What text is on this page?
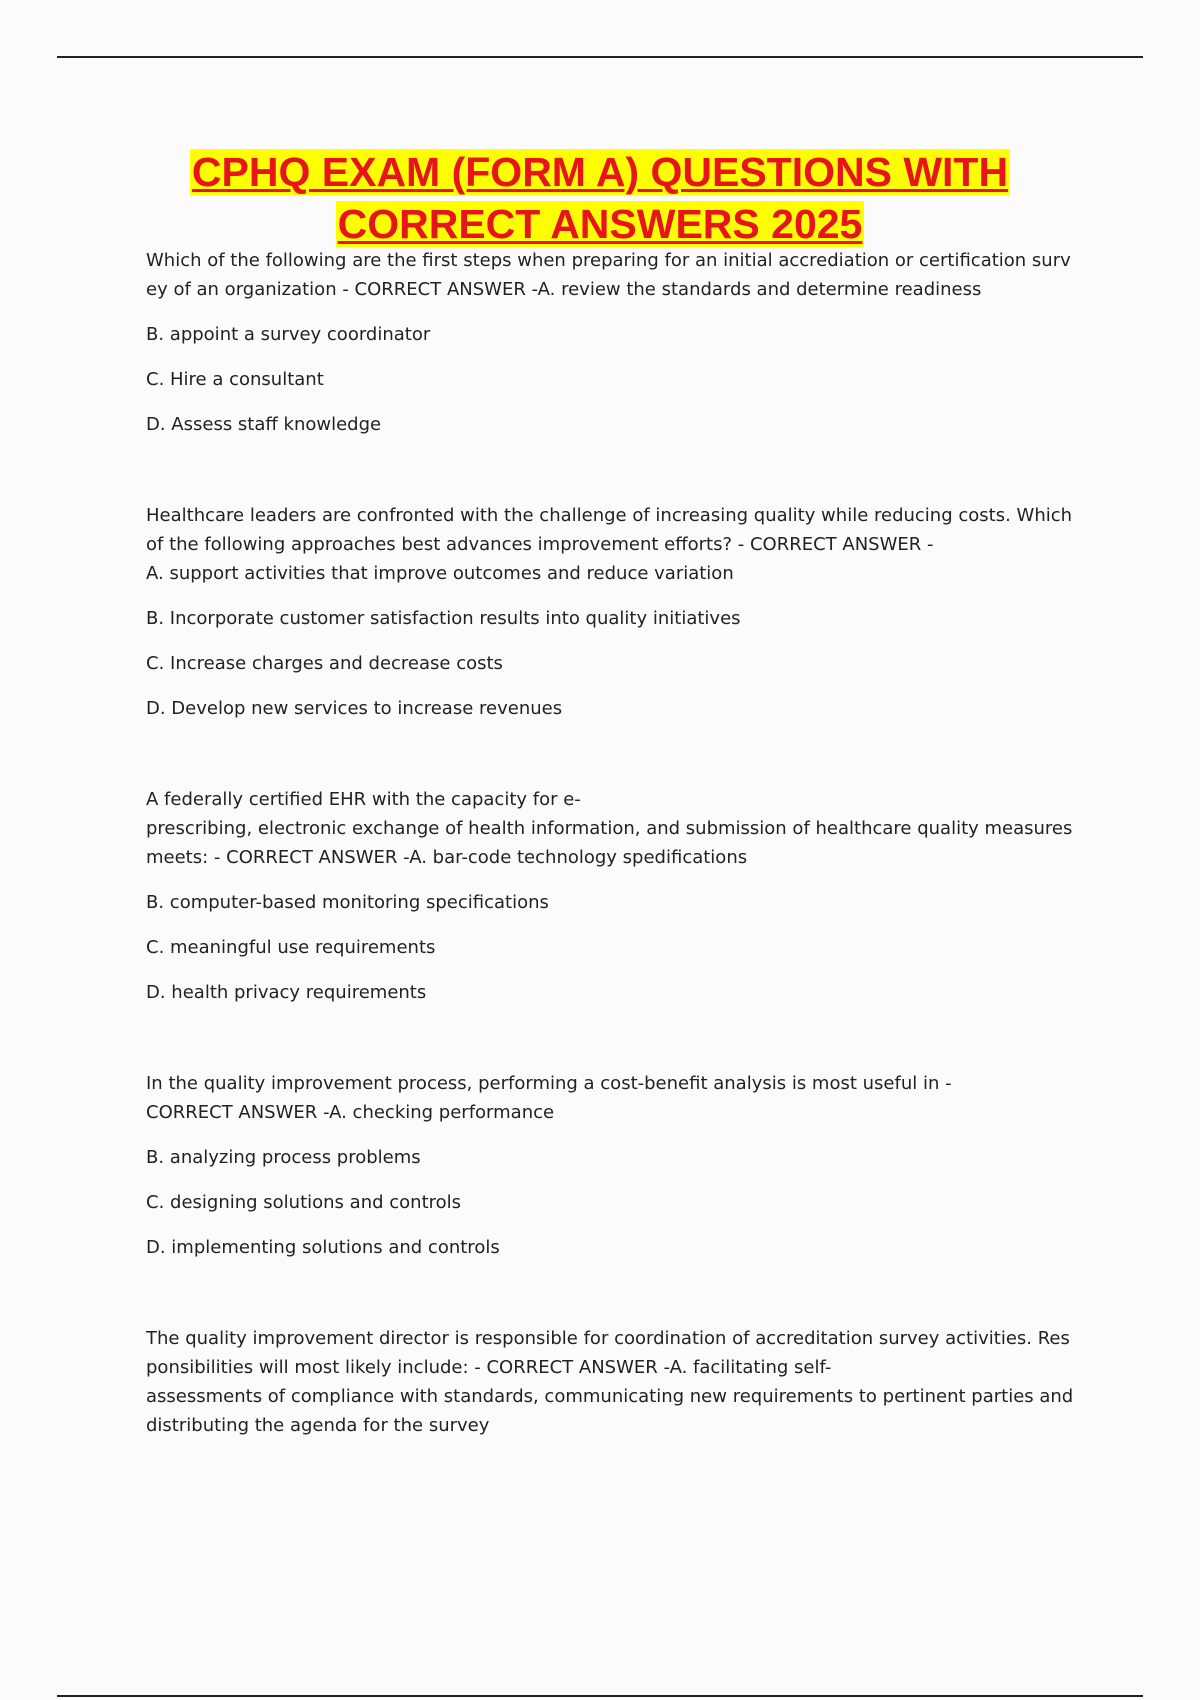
CPHQ EXAM (FORM A) QUESTIONS WITH
CORRECT ANSWERS 2025

Which of the following are the first steps when preparing for an initial accrediation or certification surv
ey of an organization - CORRECT ANSWER -A. review the standards and determine readiness

B. appoint a survey coordinator

C. Hire a consultant

D. Assess staff knowledge

Healthcare leaders are confronted with the challenge of increasing quality while reducing costs. Which
of the following approaches best advances improvement efforts? - CORRECT ANSWER -
A. support activities that improve outcomes and reduce variation

B. Incorporate customer satisfaction results into quality initiatives

C. Increase charges and decrease costs

D. Develop new services to increase revenues

A federally certified EHR with the capacity for e-
prescribing, electronic exchange of health information, and submission of healthcare quality measures
meets: - CORRECT ANSWER -A. bar-code technology spedifications

B. computer-based monitoring specifications

C. meaningful use requirements

D. health privacy requirements

In the quality improvement process, performing a cost-benefit analysis is most useful in -
CORRECT ANSWER -A. checking performance

B. analyzing process problems

C. designing solutions and controls

D. implementing solutions and controls

The quality improvement director is responsible for coordination of accreditation survey activities. Res
ponsibilities will most likely include: - CORRECT ANSWER -A. facilitating self-
assessments of compliance with standards, communicating new requirements to pertinent parties and
distributing the agenda for the survey
